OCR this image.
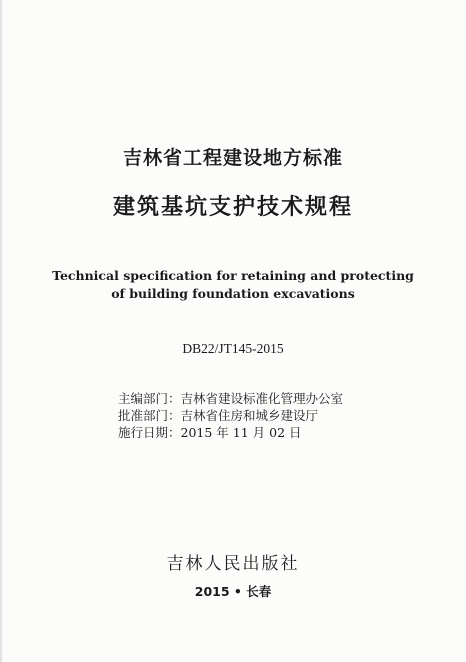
吉林省工程建设地方标准
建筑基坑支护技术规程
Technical specification for retaining and protecting
of building foundation excavations
DB22/JT145-2015
主编部门：吉林省建设标准化管理办公室
批准部门：吉林省住房和城乡建设厅
施行日期：2015 年 11 月 02 日
吉林人民出版社
2015 • 长春
